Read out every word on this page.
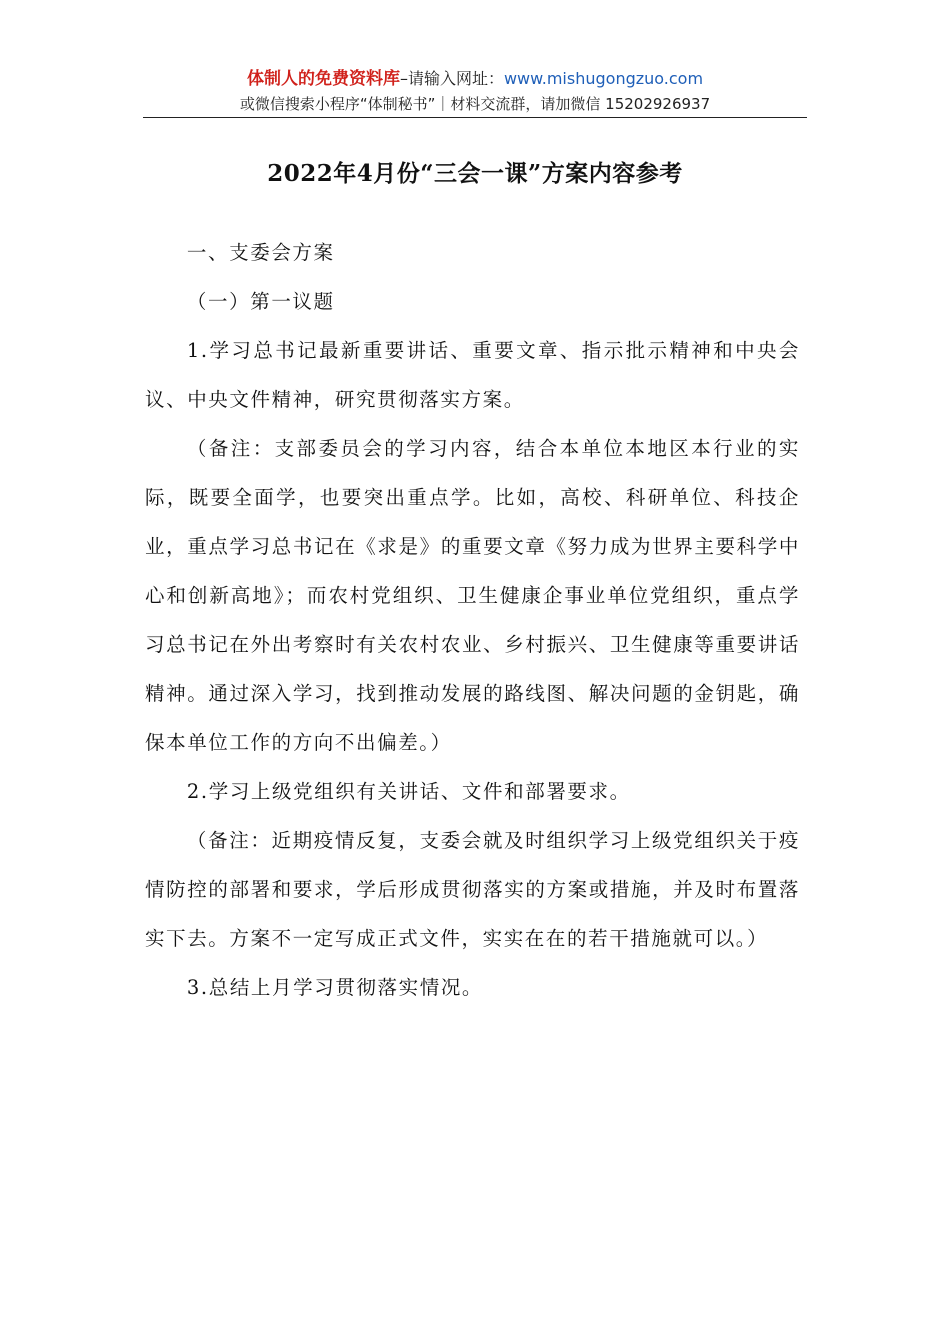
体制人的免费资料库–请输入网址：www.mishugongzuo.com
或微信搜索小程序“体制秘书”｜材料交流群，请加微信 15202926937
2022年4月份“三会一课”方案内容参考

一、支委会方案

（一）第一议题

1.学习总书记最新重要讲话、重要文章、指示批示精神和中央会议、中央文件精神，研究贯彻落实方案。

（备注：支部委员会的学习内容，结合本单位本地区本行业的实际，既要全面学，也要突出重点学。比如，高校、科研单位、科技企业，重点学习总书记在《求是》的重要文章《努力成为世界主要科学中心和创新高地》；而农村党组织、卫生健康企事业单位党组织，重点学习总书记在外出考察时有关农村农业、乡村振兴、卫生健康等重要讲话精神。通过深入学习，找到推动发展的路线图、解决问题的金钥匙，确保本单位工作的方向不出偏差。）

2.学习上级党组织有关讲话、文件和部署要求。

（备注：近期疫情反复，支委会就及时组织学习上级党组织关于疫情防控的部署和要求，学后形成贯彻落实的方案或措施，并及时布置落实下去。方案不一定写成正式文件，实实在在的若干措施就可以。）

3.总结上月学习贯彻落实情况。
